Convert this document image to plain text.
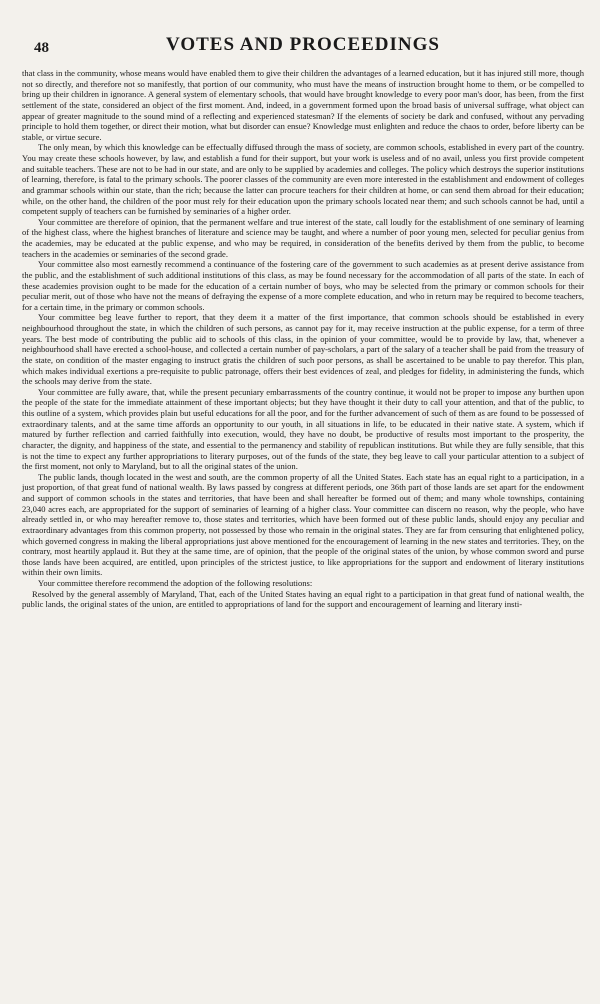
48	VOTES AND PROCEEDINGS

that class in the community, whose means would have enabled them to give their children the advantages of a learned education, but it has injured still more, though not so directly, and therefore not so manifestly, that portion of our community, who must have the means of instruction brought home to them, or be compelled to bring up their children in ignorance. A general system of elementary schools, that would have brought knowledge to every poor man's door, has been, from the first settlement of the state, considered an object of the first moment. And, indeed, in a government formed upon the broad basis of universal suffrage, what object can appear of greater magnitude to the sound mind of a reflecting and experienced statesman? If the elements of society be dark and confused, without any pervading principle to hold them together, or direct their motion, what but disorder can ensue? Knowledge must enlighten and reduce the chaos to order, before liberty can be stable, or virtue secure.

The only mean, by which this knowledge can be effectually diffused through the mass of society, are common schools, established in every part of the country. You may create these schools however, by law, and establish a fund for their support, but your work is useless and of no avail, unless you first provide competent and suitable teachers. These are not to be had in our state, and are only to be supplied by academies and colleges. The policy which destroys the superior institutions of learning, therefore, is fatal to the primary schools. The poorer classes of the community are even more interested in the establishment and endowment of colleges and grammar schools within our state, than the rich; because the latter can procure teachers for their children at home, or can send them abroad for their education; while, on the other hand, the children of the poor must rely for their education upon the primary schools located near them; and such schools cannot be had, until a competent supply of teachers can be furnished by seminaries of a higher order.

Your committee are therefore of opinion, that the permanent welfare and true interest of the state, call loudly for the establishment of one seminary of learning of the highest class, where the highest branches of literature and science may be taught, and where a number of poor young men, selected for peculiar genius from the academies, may be educated at the public expense, and who may be required, in consideration of the benefits derived by them from the public, to become teachers in the academies or seminaries of the second grade.

Your committee also most earnestly recommend a continuance of the fostering care of the government to such academies as at present derive assistance from the public, and the establishment of such additional institutions of this class, as may be found necessary for the accommodation of all parts of the state. In each of these academies provision ought to be made for the education of a certain number of boys, who may be selected from the primary or common schools for their peculiar merit, out of those who have not the means of defraying the expense of a more complete education, and who in return may be required to become teachers, for a certain time, in the primary or common schools.

Your committee beg leave further to report, that they deem it a matter of the first importance, that common schools should be established in every neighbourhood throughout the state, in which the children of such persons, as cannot pay for it, may receive instruction at the public expense, for a term of three years. The best mode of contributing the public aid to schools of this class, in the opinion of your committee, would be to provide by law, that, whenever a neighbourhood shall have erected a school-house, and collected a certain number of pay-scholars, a part of the salary of a teacher shall be paid from the treasury of the state, on condition of the master engaging to instruct gratis the children of such poor persons, as shall be ascertained to be unable to pay therefor. This plan, which makes individual exertions a pre-requisite to public patronage, offers their best evidences of zeal, and pledges for fidelity, in administering the funds, which the schools may derive from the state.

Your committee are fully aware, that, while the present pecuniary embarrassments of the country continue, it would not be proper to impose any burthen upon the people of the state for the immediate attainment of these important objects; but they have thought it their duty to call your attention, and that of the public, to this outline of a system, which provides plain but useful educations for all the poor, and for the further advancement of such of them as are found to be possessed of extraordinary talents, and at the same time affords an opportunity to our youth, in all situations in life, to be educated in their native state. A system, which if matured by further reflection and carried faithfully into execution, would, they have no doubt, be productive of results most important to the prosperity, the character, the dignity, and happiness of the state, and essential to the permanency and stability of republican institutions. But while they are fully sensible, that this is not the time to expect any further appropriations to literary purposes, out of the funds of the state, they beg leave to call your particular attention to a subject of the first moment, not only to Maryland, but to all the original states of the union.

The public lands, though located in the west and south, are the common property of all the United States. Each state has an equal right to a participation, in a just proportion, of that great fund of national wealth. By laws passed by congress at different periods, one 36th part of those lands are set apart for the endowment and support of common schools in the states and territories, that have been and shall hereafter be formed out of them; and many whole townships, containing 23,040 acres each, are appropriated for the support of seminaries of learning of a higher class. Your committee can discern no reason, why the people, who have already settled in, or who may hereafter remove to, those states and territories, which have been formed out of these public lands, should enjoy any peculiar and extraordinary advantages from this common property, not possessed by those who remain in the original states. They are far from censuring that enlightened policy, which governed congress in making the liberal appropriations just above mentioned for the encouragement of learning in the new states and territories. They, on the contrary, most heartily applaud it. But they at the same time, are of opinion, that the people of the original states of the union, by whose common sword and purse those lands have been acquired, are entitled, upon principles of the strictest justice, to like appropriations for the support and endowment of literary institutions within their own limits.

Your committee therefore recommend the adoption of the following resolutions:

Resolved by the general assembly of Maryland, That, each of the United States having an equal right to a participation in that great fund of national wealth, the public lands, the original states of the union, are entitled to appropriations of land for the support and encouragement of learning and literary insti-
